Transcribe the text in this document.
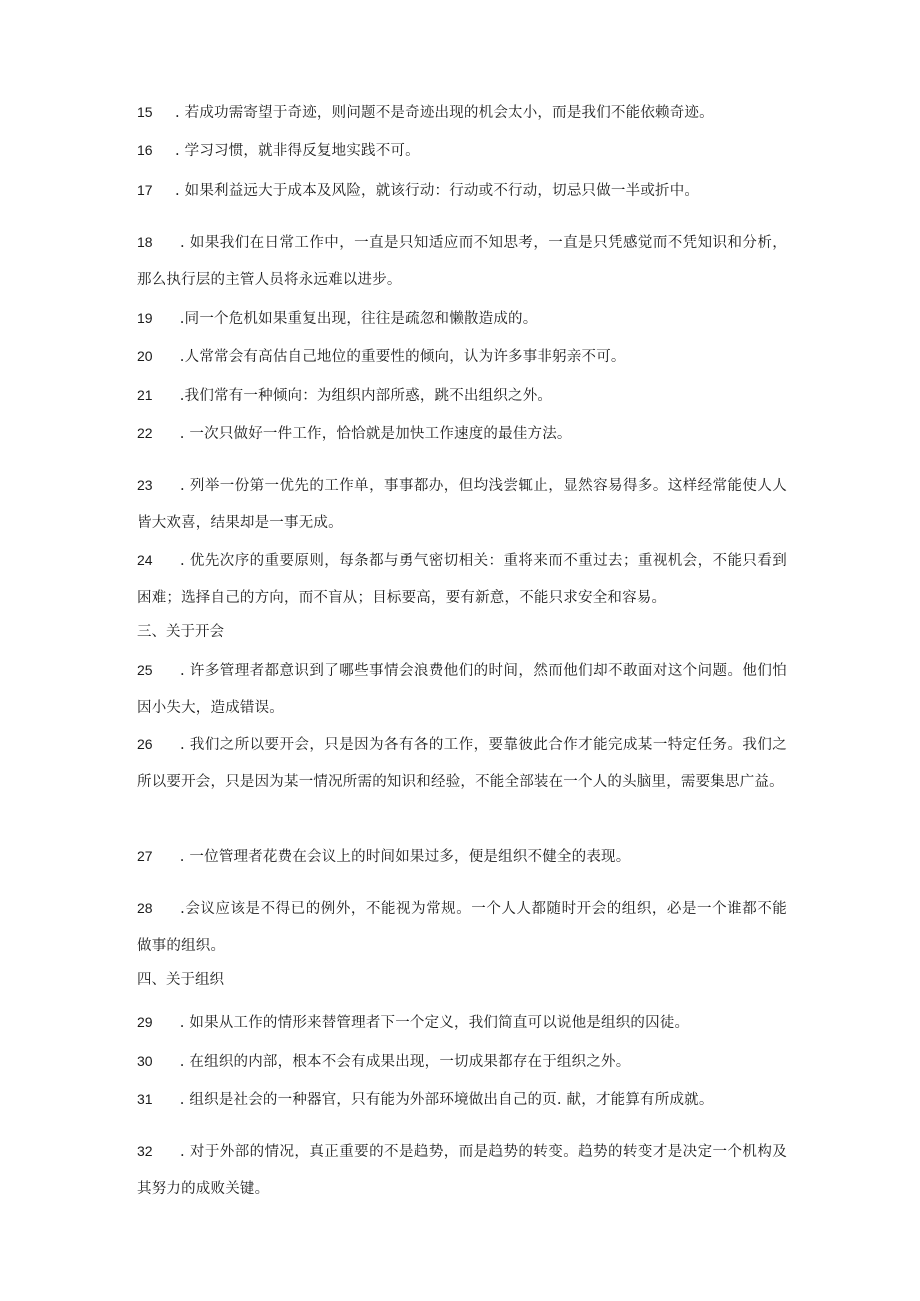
15 . 若成功需寄望于奇迹，则问题不是奇迹出现的机会太小，而是我们不能依赖奇迹。
16 . 学习习惯，就非得反复地实践不可。
17 . 如果利益远大于成本及风险，就该行动：行动或不行动，切忌只做一半或折中。
18 . 如果我们在日常工作中，一直是只知适应而不知思考，一直是只凭感觉而不凭知识和分析，那么执行层的主管人员将永远难以进步。
19 .同一个危机如果重复出现，往往是疏忽和懒散造成的。
20 .人常常会有高估自己地位的重要性的倾向，认为许多事非躬亲不可。
21 .我们常有一种倾向：为组织内部所惑，跳不出组织之外。
22 . 一次只做好一件工作，恰恰就是加快工作速度的最佳方法。
23 . 列举一份第一优先的工作单，事事都办，但均浅尝辄止，显然容易得多。这样经常能使人人皆大欢喜，结果却是一事无成。
24 . 优先次序的重要原则，每条都与勇气密切相关：重将来而不重过去；重视机会，不能只看到困难；选择自己的方向，而不盲从；目标要高，要有新意，不能只求安全和容易。
三、关于开会
25 . 许多管理者都意识到了哪些事情会浪费他们的时间，然而他们却不敢面对这个问题。他们怕因小失大，造成错误。
26 . 我们之所以要开会，只是因为各有各的工作，要靠彼此合作才能完成某一特定任务。我们之所以要开会，只是因为某一情况所需的知识和经验，不能全部装在一个人的头脑里，需要集思广益。
27 . 一位管理者花费在会议上的时间如果过多，便是组织不健全的表现。
28 .会议应该是不得已的例外，不能视为常规。一个人人都随时开会的组织，必是一个谁都不能做事的组织。
四、关于组织
29 . 如果从工作的情形来替管理者下一个定义，我们简直可以说他是组织的囚徒。
30 . 在组织的内部，根本不会有成果出现，一切成果都存在于组织之外。
31 . 组织是社会的一种器官，只有能为外部环境做出自己的页. 献，才能算有所成就。
32 . 对于外部的情况，真正重要的不是趋势，而是趋势的转变。趋势的转变才是决定一个机构及其努力的成败关键。
